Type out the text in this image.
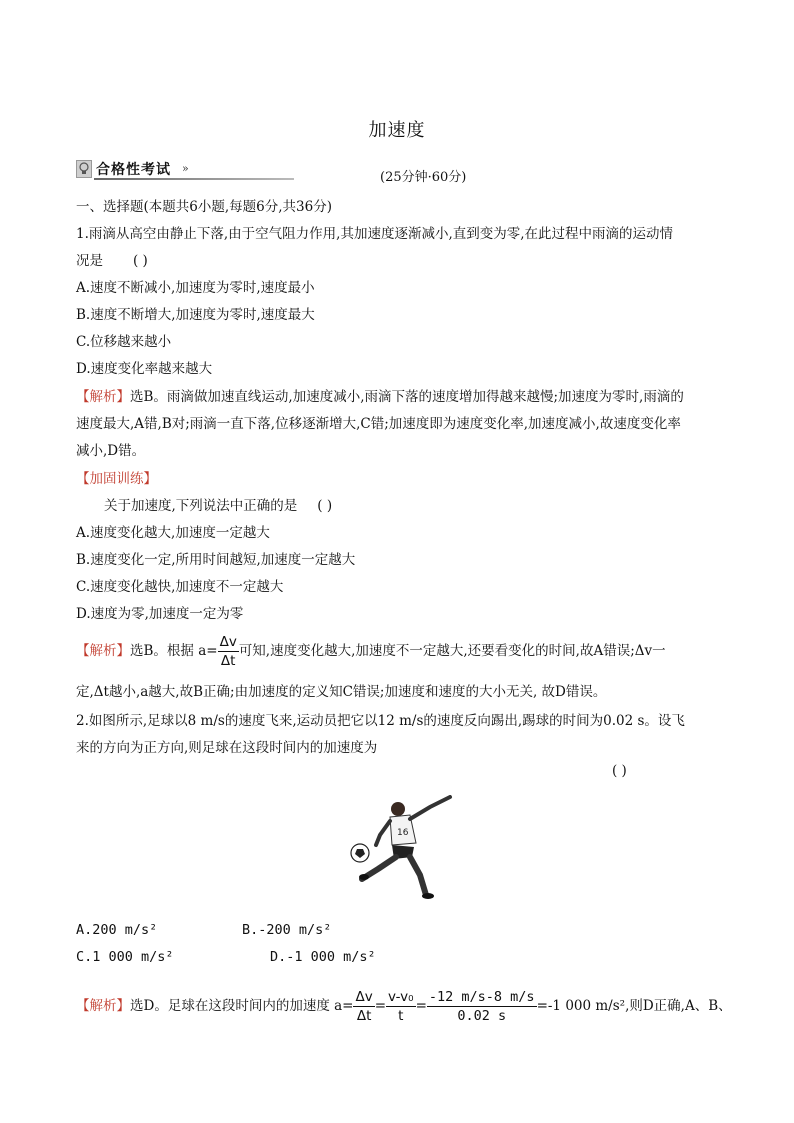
加速度
合格性考试 »
(25分钟·60分)
一、选择题(本题共6小题,每题6分,共36分)
1.雨滴从高空由静止下落,由于空气阻力作用,其加速度逐渐减小,直到变为零,在此过程中雨滴的运动情
况是 ( )
A.速度不断减小,加速度为零时,速度最小
B.速度不断增大,加速度为零时,速度最大
C.位移越来越小
D.速度变化率越来越大
【解析】选B。雨滴做加速直线运动,加速度减小,雨滴下落的速度增加得越来越慢;加速度为零时,雨滴的
速度最大,A错,B对;雨滴一直下落,位移逐渐增大,C错;加速度即为速度变化率,加速度减小,故速度变化率
减小,D错。
【加固训练】
关于加速度,下列说法中正确的是 ( )
A.速度变化越大,加速度一定越大
B.速度变化一定,所用时间越短,加速度一定越大
C.速度变化越快,加速度不一定越大
D.速度为零,加速度一定为零
【解析】选B。根据 $a= \frac{\Delta v}{\Delta t}$ 可知,速度变化越大,加速度不一定越大,还要看变化的时间,故A错误;Δv一
定,Δt越小,a越大,故B正确;由加速度的定义知C错误;加速度和速度的大小无关, 故D错误。
2.如图所示,足球以8 m/s的速度飞来,运动员把它以12 m/s的速度反向踢出,踢球的时间为0.02 s。设飞
来的方向为正方向,则足球在这段时间内的加速度为
( )
16
A.200 m/s²	B.-200 m/s²
C.1 000 m/s²	D.-1 000 m/s²
【解析】选D。足球在这段时间内的加速度 $a= \frac{\Delta v}{\Delta t} = \frac{\text{v-v₀}}{t} = \frac{-12 m/s-8 m/s}{0.02 s} =-1$ 000 m/s²,则D正确,A、B、
